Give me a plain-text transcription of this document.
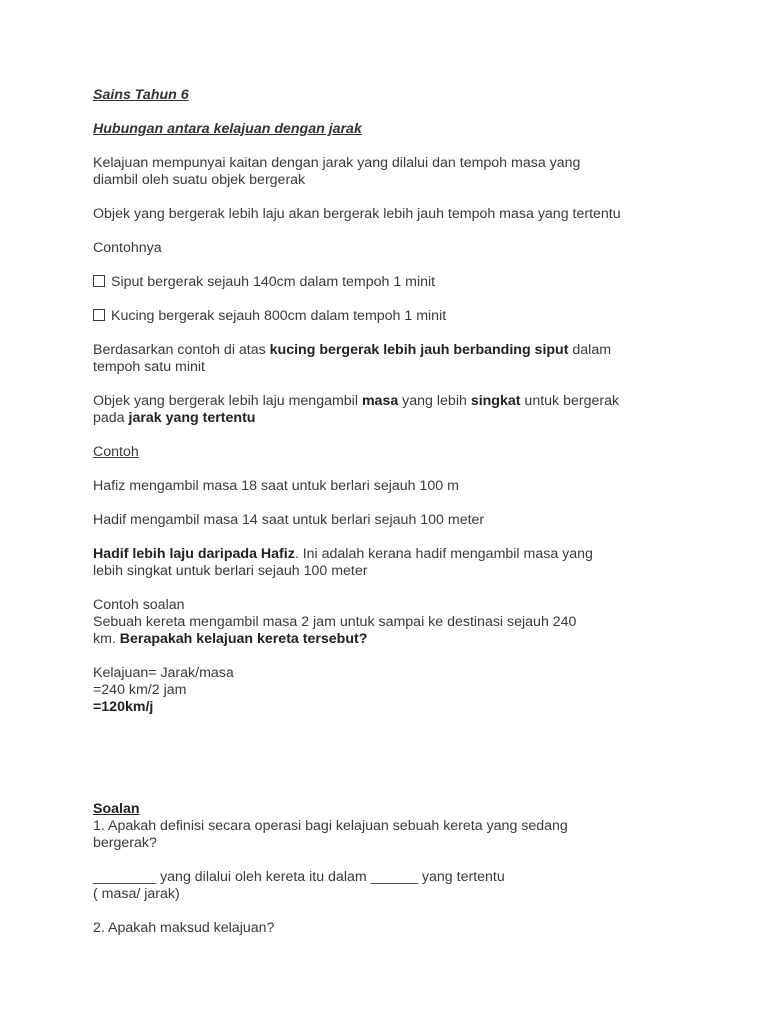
Sains Tahun 6

Hubungan antara kelajuan dengan jarak

Kelajuan mempunyai kaitan dengan jarak yang dilalui dan tempoh masa yang
diambil oleh suatu objek bergerak

Objek yang bergerak lebih laju akan bergerak lebih jauh tempoh masa yang tertentu

Contohnya

Siput bergerak sejauh 140cm dalam tempoh 1 minit

Kucing bergerak sejauh 800cm dalam tempoh 1 minit

Berdasarkan contoh di atas kucing bergerak lebih jauh berbanding siput dalam
tempoh satu minit

Objek yang bergerak lebih laju mengambil masa yang lebih singkat untuk bergerak
pada jarak yang tertentu

Contoh

Hafiz mengambil masa 18 saat untuk berlari sejauh 100 m

Hadif mengambil masa 14 saat untuk berlari sejauh 100 meter

Hadif lebih laju daripada Hafiz. Ini adalah kerana hadif mengambil masa yang
lebih singkat untuk berlari sejauh 100 meter

Contoh soalan
Sebuah kereta mengambil masa 2 jam untuk sampai ke destinasi sejauh 240
km. Berapakah kelajuan kereta tersebut?

Kelajuan= Jarak/masa
=240 km/2 jam
=120km/j

Soalan
1. Apakah definisi secara operasi bagi kelajuan sebuah kereta yang sedang
bergerak?

________ yang dilalui oleh kereta itu dalam ______ yang tertentu
( masa/ jarak)

2. Apakah maksud kelajuan?
